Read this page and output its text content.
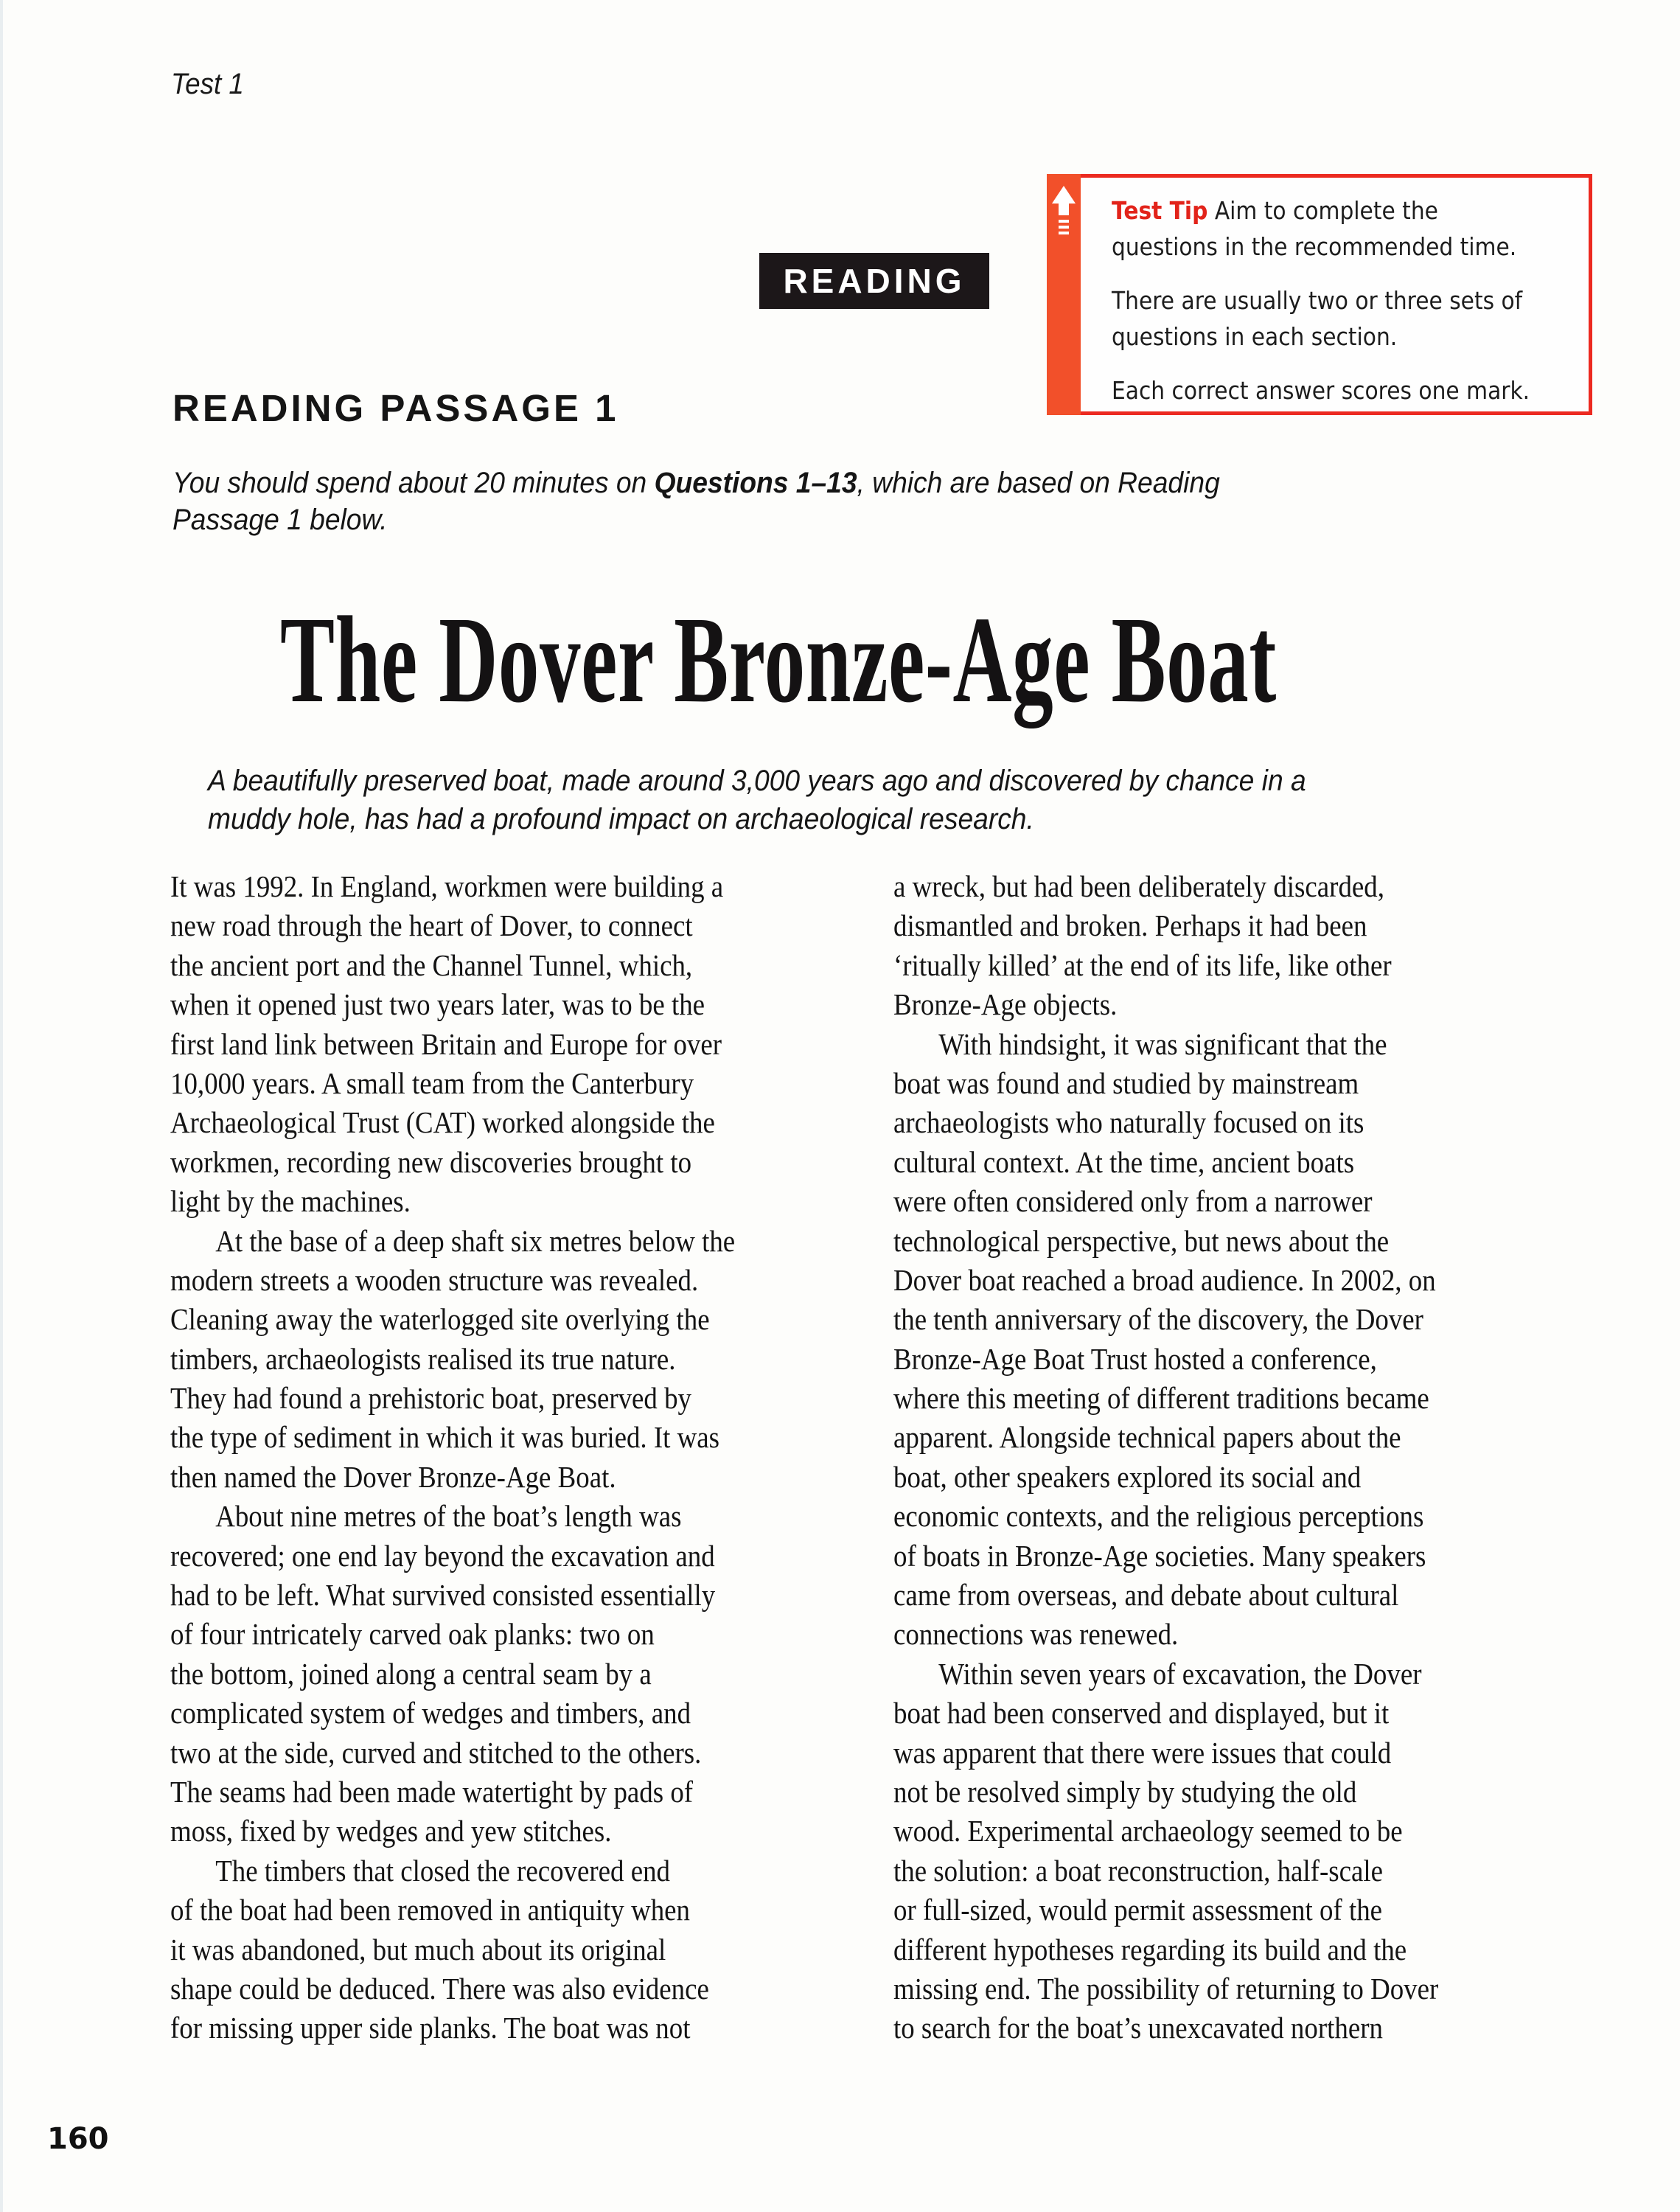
Test 1
READING

Test Tip Aim to complete the
questions in the recommended time.

There are usually two or three sets of
questions in each section.

Each correct answer scores one mark.

READING PASSAGE 1
You should spend about 20 minutes on Questions 1–13, which are based on Reading
Passage 1 below.
The Dover Bronze-Age Boat
A beautifully preserved boat, made around 3,000 years ago and discovered by chance in a
muddy hole, has had a profound impact on archaeological research.
It was 1992. In England, workmen were building a
new road through the heart of Dover, to connect
the ancient port and the Channel Tunnel, which,
when it opened just two years later, was to be the
first land link between Britain and Europe for over
10,000 years. A small team from the Canterbury
Archaeological Trust (CAT) worked alongside the
workmen, recording new discoveries brought to
light by the machines.
At the base of a deep shaft six metres below the
modern streets a wooden structure was revealed.
Cleaning away the waterlogged site overlying the
timbers, archaeologists realised its true nature.
They had found a prehistoric boat, preserved by
the type of sediment in which it was buried. It was
then named the Dover Bronze-Age Boat.
About nine metres of the boat’s length was
recovered; one end lay beyond the excavation and
had to be left. What survived consisted essentially
of four intricately carved oak planks: two on
the bottom, joined along a central seam by a
complicated system of wedges and timbers, and
two at the side, curved and stitched to the others.
The seams had been made watertight by pads of
moss, fixed by wedges and yew stitches.
The timbers that closed the recovered end
of the boat had been removed in antiquity when
it was abandoned, but much about its original
shape could be deduced. There was also evidence
for missing upper side planks. The boat was not
a wreck, but had been deliberately discarded,
dismantled and broken. Perhaps it had been
‘ritually killed’ at the end of its life, like other
Bronze-Age objects.
With hindsight, it was significant that the
boat was found and studied by mainstream
archaeologists who naturally focused on its
cultural context. At the time, ancient boats
were often considered only from a narrower
technological perspective, but news about the
Dover boat reached a broad audience. In 2002, on
the tenth anniversary of the discovery, the Dover
Bronze-Age Boat Trust hosted a conference,
where this meeting of different traditions became
apparent. Alongside technical papers about the
boat, other speakers explored its social and
economic contexts, and the religious perceptions
of boats in Bronze-Age societies. Many speakers
came from overseas, and debate about cultural
connections was renewed.
Within seven years of excavation, the Dover
boat had been conserved and displayed, but it
was apparent that there were issues that could
not be resolved simply by studying the old
wood. Experimental archaeology seemed to be
the solution: a boat reconstruction, half-scale
or full-sized, would permit assessment of the
different hypotheses regarding its build and the
missing end. The possibility of returning to Dover
to search for the boat’s unexcavated northern
160
